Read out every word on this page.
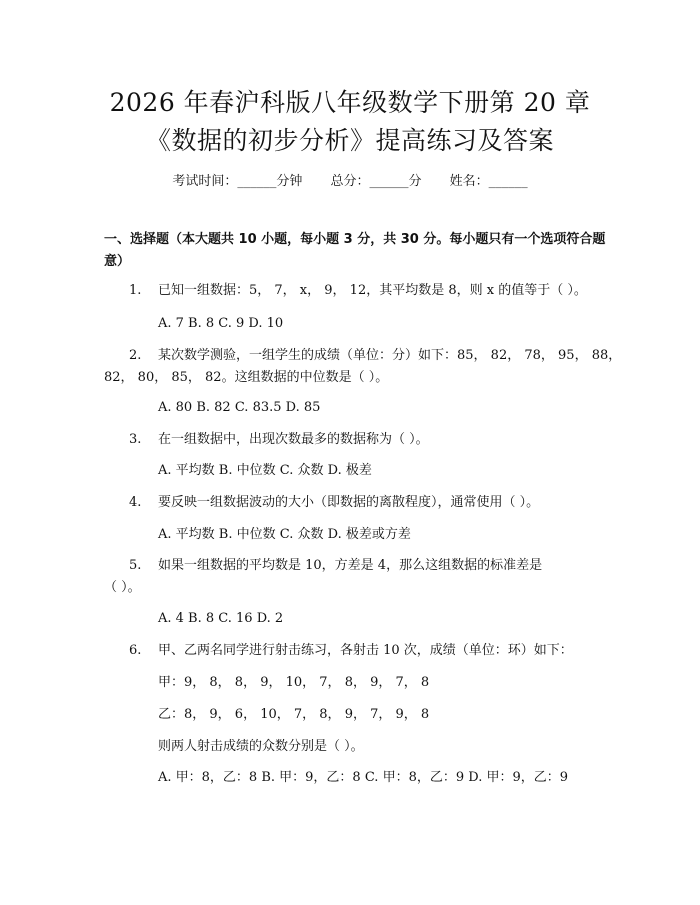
2026 年春沪科版八年级数学下册第 20 章
《数据的初步分析》提高练习及答案
考试时间：______分钟 总分：______分 姓名：______
一、选择题（本大题共 10 小题，每小题 3 分，共 30 分。每小题只有一个选项符合题意）
1. 已知一组数据：5， 7， x， 9， 12，其平均数是 8，则 x 的值等于（ ）。
A. 7 B. 8 C. 9 D. 10
2. 某次数学测验，一组学生的成绩（单位：分）如下：85， 82， 78， 95， 88，
82， 80， 85， 82。这组数据的中位数是（ ）。
A. 80 B. 82 C. 83.5 D. 85
3. 在一组数据中，出现次数最多的数据称为（ ）。
A. 平均数 B. 中位数 C. 众数 D. 极差
4. 要反映一组数据波动的大小（即数据的离散程度），通常使用（ ）。
A. 平均数 B. 中位数 C. 众数 D. 极差或方差
5. 如果一组数据的平均数是 10，方差是 4，那么这组数据的标准差是
（ ）。
A. 4 B. 8 C. 16 D. 2
6. 甲、乙两名同学进行射击练习，各射击 10 次，成绩（单位：环）如下：
甲：9， 8， 8， 9， 10， 7， 8， 9， 7， 8
乙：8， 9， 6， 10， 7， 8， 9， 7， 9， 8
则两人射击成绩的众数分别是（ ）。
A. 甲：8，乙：8 B. 甲：9，乙：8 C. 甲：8，乙：9 D. 甲：9，乙：9
